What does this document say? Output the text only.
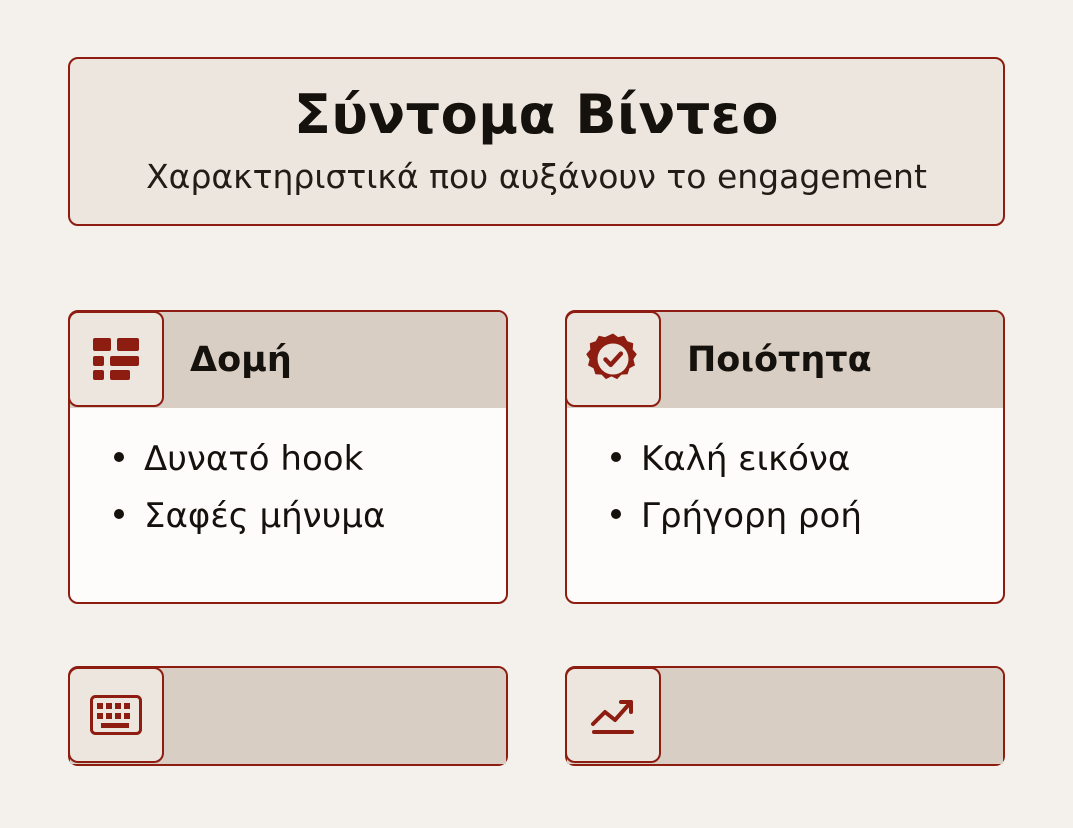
Σύντομα Βίντεο
Χαρακτηριστικά που αυξάνουν το engagement
Δομή
Δυνατό hook
Σαφές μήνυμα
Ποιότητα
Καλή εικόνα
Γρήγορη ροή
